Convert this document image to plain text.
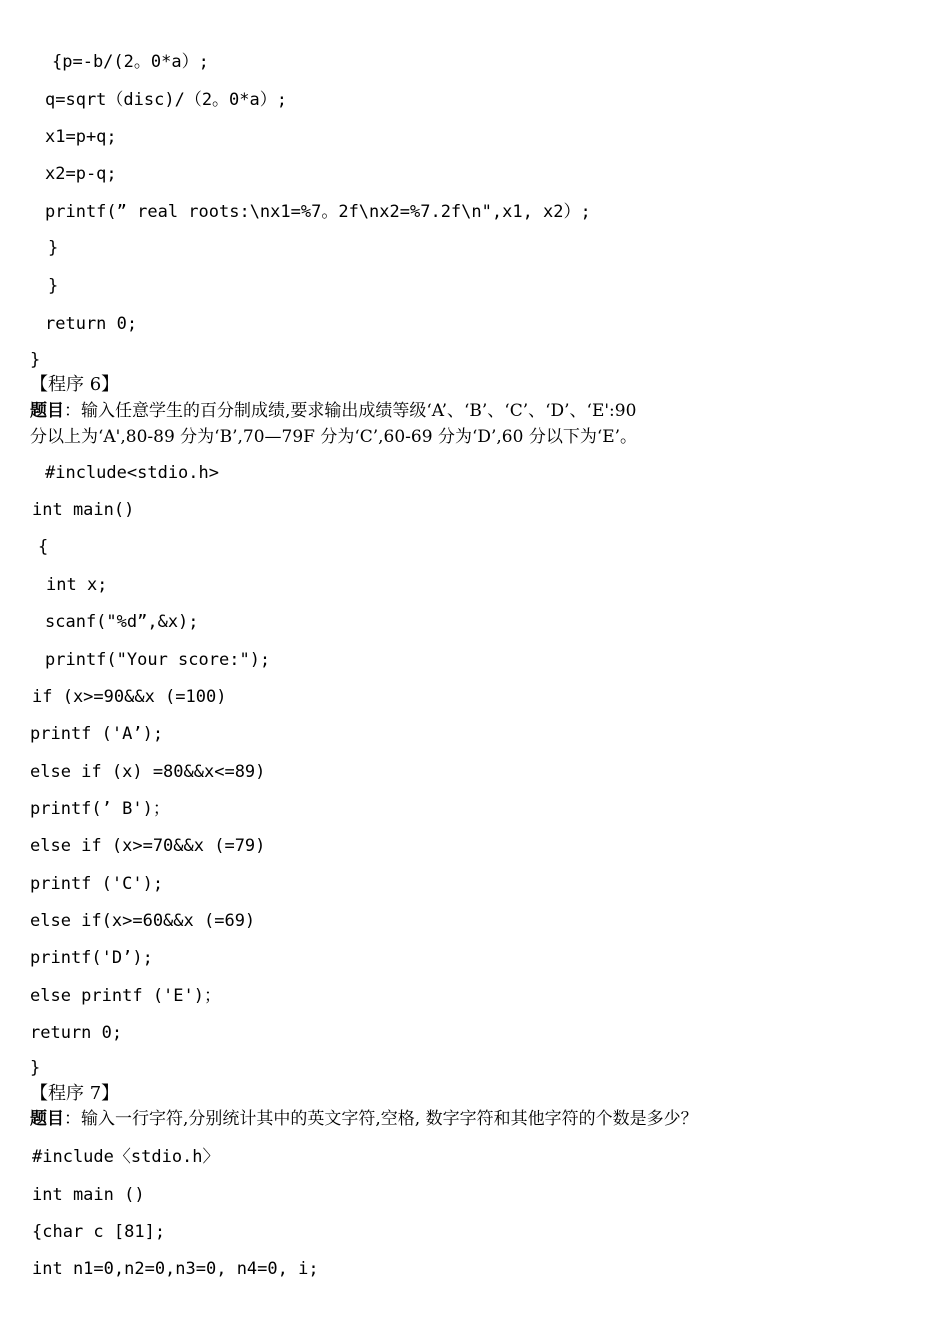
{p=-b/(2。0*a）;
q=sqrt（disc)/（2。0*a）;
x1=p+q;
x2=p-q;
printf(” real roots:\nx1=%7。2f\nx2=%7.2f\n",x1, x2）;
}
}
return 0;
}
【程序 6】
题目：输入任意学生的百分制成绩,要求输出成绩等级‘A’、‘B’、‘C’、‘D’、‘E':90
分以上为‘A',80-89 分为‘B’,70—79F 分为‘C’,60-69 分为‘D’,60 分以下为‘E’。
#include<stdio.h>
int main()
{
int x;
scanf("%d”,&x);
printf("Your score:");
if (x>=90&&x (=100)
printf ('A’);
else if (x) =80&&x<=89)
printf(’ B')；
else if (x>=70&&x (=79)
printf ('C');
else if(x>=60&&x (=69)
printf('D’);
else printf ('E')；
return 0;
}
【程序 7】
题目：输入一行字符,分别统计其中的英文字符,空格, 数字字符和其他字符的个数是多少？
#include〈stdio.h〉
int main ()
{char c [81];
int n1=0,n2=0,n3=0, n4=0, i;
